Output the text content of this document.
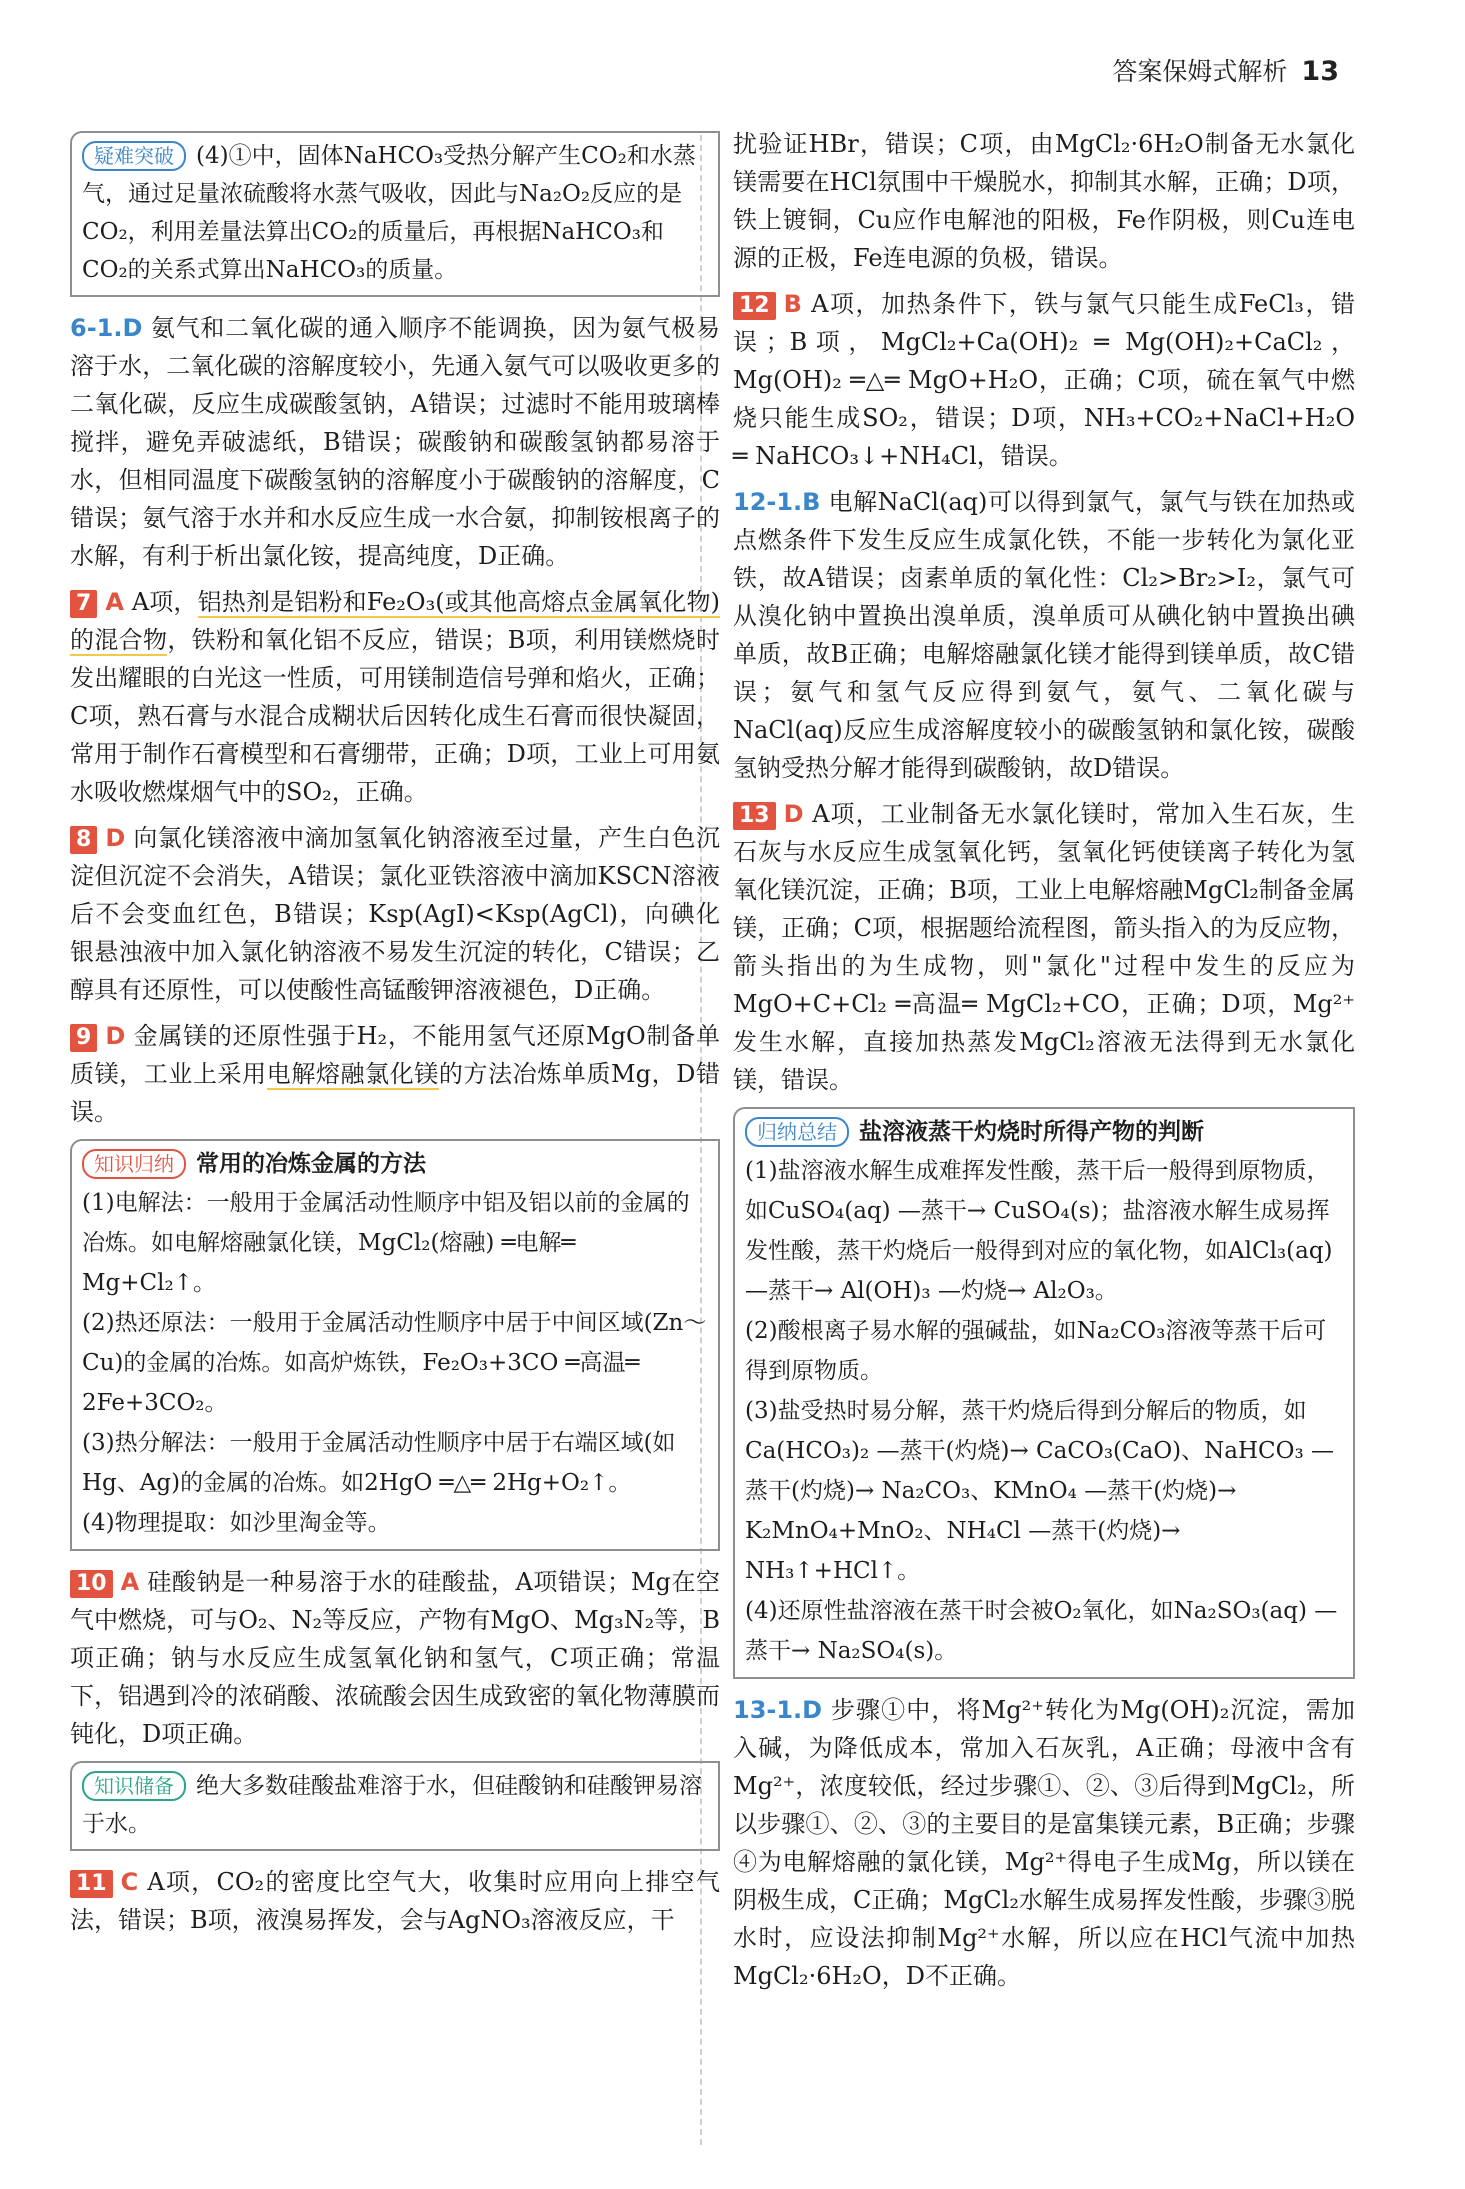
答案保姆式解析 13
疑难突破 (4)①中，固体NaHCO₃受热分解产生CO₂和水蒸气，通过足量浓硫酸将水蒸气吸收，因此与Na₂O₂反应的是CO₂，利用差量法算出CO₂的质量后，再根据NaHCO₃和CO₂的关系式算出NaHCO₃的质量。

6-1.D 氨气和二氧化碳的通入顺序不能调换，因为氨气极易溶于水，二氧化碳的溶解度较小，先通入氨气可以吸收更多的二氧化碳，反应生成碳酸氢钠，A错误；过滤时不能用玻璃棒搅拌，避免弄破滤纸，B错误；碳酸钠和碳酸氢钠都易溶于水，但相同温度下碳酸氢钠的溶解度小于碳酸钠的溶解度，C错误；氨气溶于水并和水反应生成一水合氨，抑制铵根离子的水解，有利于析出氯化铵，提高纯度，D正确。

7 A A项，铝热剂是铝粉和Fe₂O₃(或其他高熔点金属氧化物)的混合物，铁粉和氧化铝不反应，错误；B项，利用镁燃烧时发出耀眼的白光这一性质，可用镁制造信号弹和焰火，正确；C项，熟石膏与水混合成糊状后因转化成生石膏而很快凝固，常用于制作石膏模型和石膏绷带，正确；D项，工业上可用氨水吸收燃煤烟气中的SO₂，正确。

8 D 向氯化镁溶液中滴加氢氧化钠溶液至过量，产生白色沉淀但沉淀不会消失，A错误；氯化亚铁溶液中滴加KSCN溶液后不会变血红色，B错误；Ksp(AgI)<Ksp(AgCl)，向碘化银悬浊液中加入氯化钠溶液不易发生沉淀的转化，C错误；乙醇具有还原性，可以使酸性高锰酸钾溶液褪色，D正确。

9 D 金属镁的还原性强于H₂，不能用氢气还原MgO制备单质镁，工业上采用电解熔融氯化镁的方法冶炼单质Mg，D错误。

知识归纳 常用的冶炼金属的方法
(1)电解法：一般用于金属活动性顺序中铝及铝以前的金属的冶炼。如电解熔融氯化镁，MgCl₂(熔融) ═电解═ Mg+Cl₂↑。
(2)热还原法：一般用于金属活动性顺序中居于中间区域(Zn～Cu)的金属的冶炼。如高炉炼铁，Fe₂O₃+3CO ═高温═ 2Fe+3CO₂。
(3)热分解法：一般用于金属活动性顺序中居于右端区域(如Hg、Ag)的金属的冶炼。如2HgO ═△═ 2Hg+O₂↑。
(4)物理提取：如沙里淘金等。

10 A 硅酸钠是一种易溶于水的硅酸盐，A项错误；Mg在空气中燃烧，可与O₂、N₂等反应，产物有MgO、Mg₃N₂等，B项正确；钠与水反应生成氢氧化钠和氢气，C项正确；常温下，铝遇到冷的浓硝酸、浓硫酸会因生成致密的氧化物薄膜而钝化，D项正确。

知识储备 绝大多数硅酸盐难溶于水，但硅酸钠和硅酸钾易溶于水。

11 C A项，CO₂的密度比空气大，收集时应用向上排空气法，错误；B项，液溴易挥发，会与AgNO₃溶液反应，干

扰验证HBr，错误；C项，由MgCl₂·6H₂O制备无水氯化镁需要在HCl氛围中干燥脱水，抑制其水解，正确；D项，铁上镀铜，Cu应作电解池的阳极，Fe作阴极，则Cu连电源的正极，Fe连电源的负极，错误。

12 B A项，加热条件下，铁与氯气只能生成FeCl₃，错误；B项，MgCl₂+Ca(OH)₂ ═ Mg(OH)₂+CaCl₂，Mg(OH)₂ ═△═ MgO+H₂O，正确；C项，硫在氧气中燃烧只能生成SO₂，错误；D项，NH₃+CO₂+NaCl+H₂O ═ NaHCO₃↓+NH₄Cl，错误。

12-1.B 电解NaCl(aq)可以得到氯气，氯气与铁在加热或点燃条件下发生反应生成氯化铁，不能一步转化为氯化亚铁，故A错误；卤素单质的氧化性：Cl₂>Br₂>I₂，氯气可从溴化钠中置换出溴单质，溴单质可从碘化钠中置换出碘单质，故B正确；电解熔融氯化镁才能得到镁单质，故C错误；氨气和氢气反应得到氨气，氨气、二氧化碳与NaCl(aq)反应生成溶解度较小的碳酸氢钠和氯化铵，碳酸氢钠受热分解才能得到碳酸钠，故D错误。

13 D A项，工业制备无水氯化镁时，常加入生石灰，生石灰与水反应生成氢氧化钙，氢氧化钙使镁离子转化为氢氧化镁沉淀，正确；B项，工业上电解熔融MgCl₂制备金属镁，正确；C项，根据题给流程图，箭头指入的为反应物，箭头指出的为生成物，则"氯化"过程中发生的反应为MgO+C+Cl₂ ═高温═ MgCl₂+CO，正确；D项，Mg²⁺发生水解，直接加热蒸发MgCl₂溶液无法得到无水氯化镁，错误。

归纳总结 盐溶液蒸干灼烧时所得产物的判断
(1)盐溶液水解生成难挥发性酸，蒸干后一般得到原物质，如CuSO₄(aq) —蒸干→ CuSO₄(s)；盐溶液水解生成易挥发性酸，蒸干灼烧后一般得到对应的氧化物，如AlCl₃(aq) —蒸干→ Al(OH)₃ —灼烧→ Al₂O₃。
(2)酸根离子易水解的强碱盐，如Na₂CO₃溶液等蒸干后可得到原物质。
(3)盐受热时易分解，蒸干灼烧后得到分解后的物质，如Ca(HCO₃)₂ —蒸干(灼烧)→ CaCO₃(CaO)、NaHCO₃ —蒸干(灼烧)→ Na₂CO₃、KMnO₄ —蒸干(灼烧)→ K₂MnO₄+MnO₂、NH₄Cl —蒸干(灼烧)→ NH₃↑+HCl↑。
(4)还原性盐溶液在蒸干时会被O₂氧化，如Na₂SO₃(aq) —蒸干→ Na₂SO₄(s)。

13-1.D 步骤①中，将Mg²⁺转化为Mg(OH)₂沉淀，需加入碱，为降低成本，常加入石灰乳，A正确；母液中含有Mg²⁺，浓度较低，经过步骤①、②、③后得到MgCl₂，所以步骤①、②、③的主要目的是富集镁元素，B正确；步骤④为电解熔融的氯化镁，Mg²⁺得电子生成Mg，所以镁在阴极生成，C正确；MgCl₂水解生成易挥发性酸，步骤③脱水时，应设法抑制Mg²⁺水解，所以应在HCl气流中加热MgCl₂·6H₂O，D不正确。
